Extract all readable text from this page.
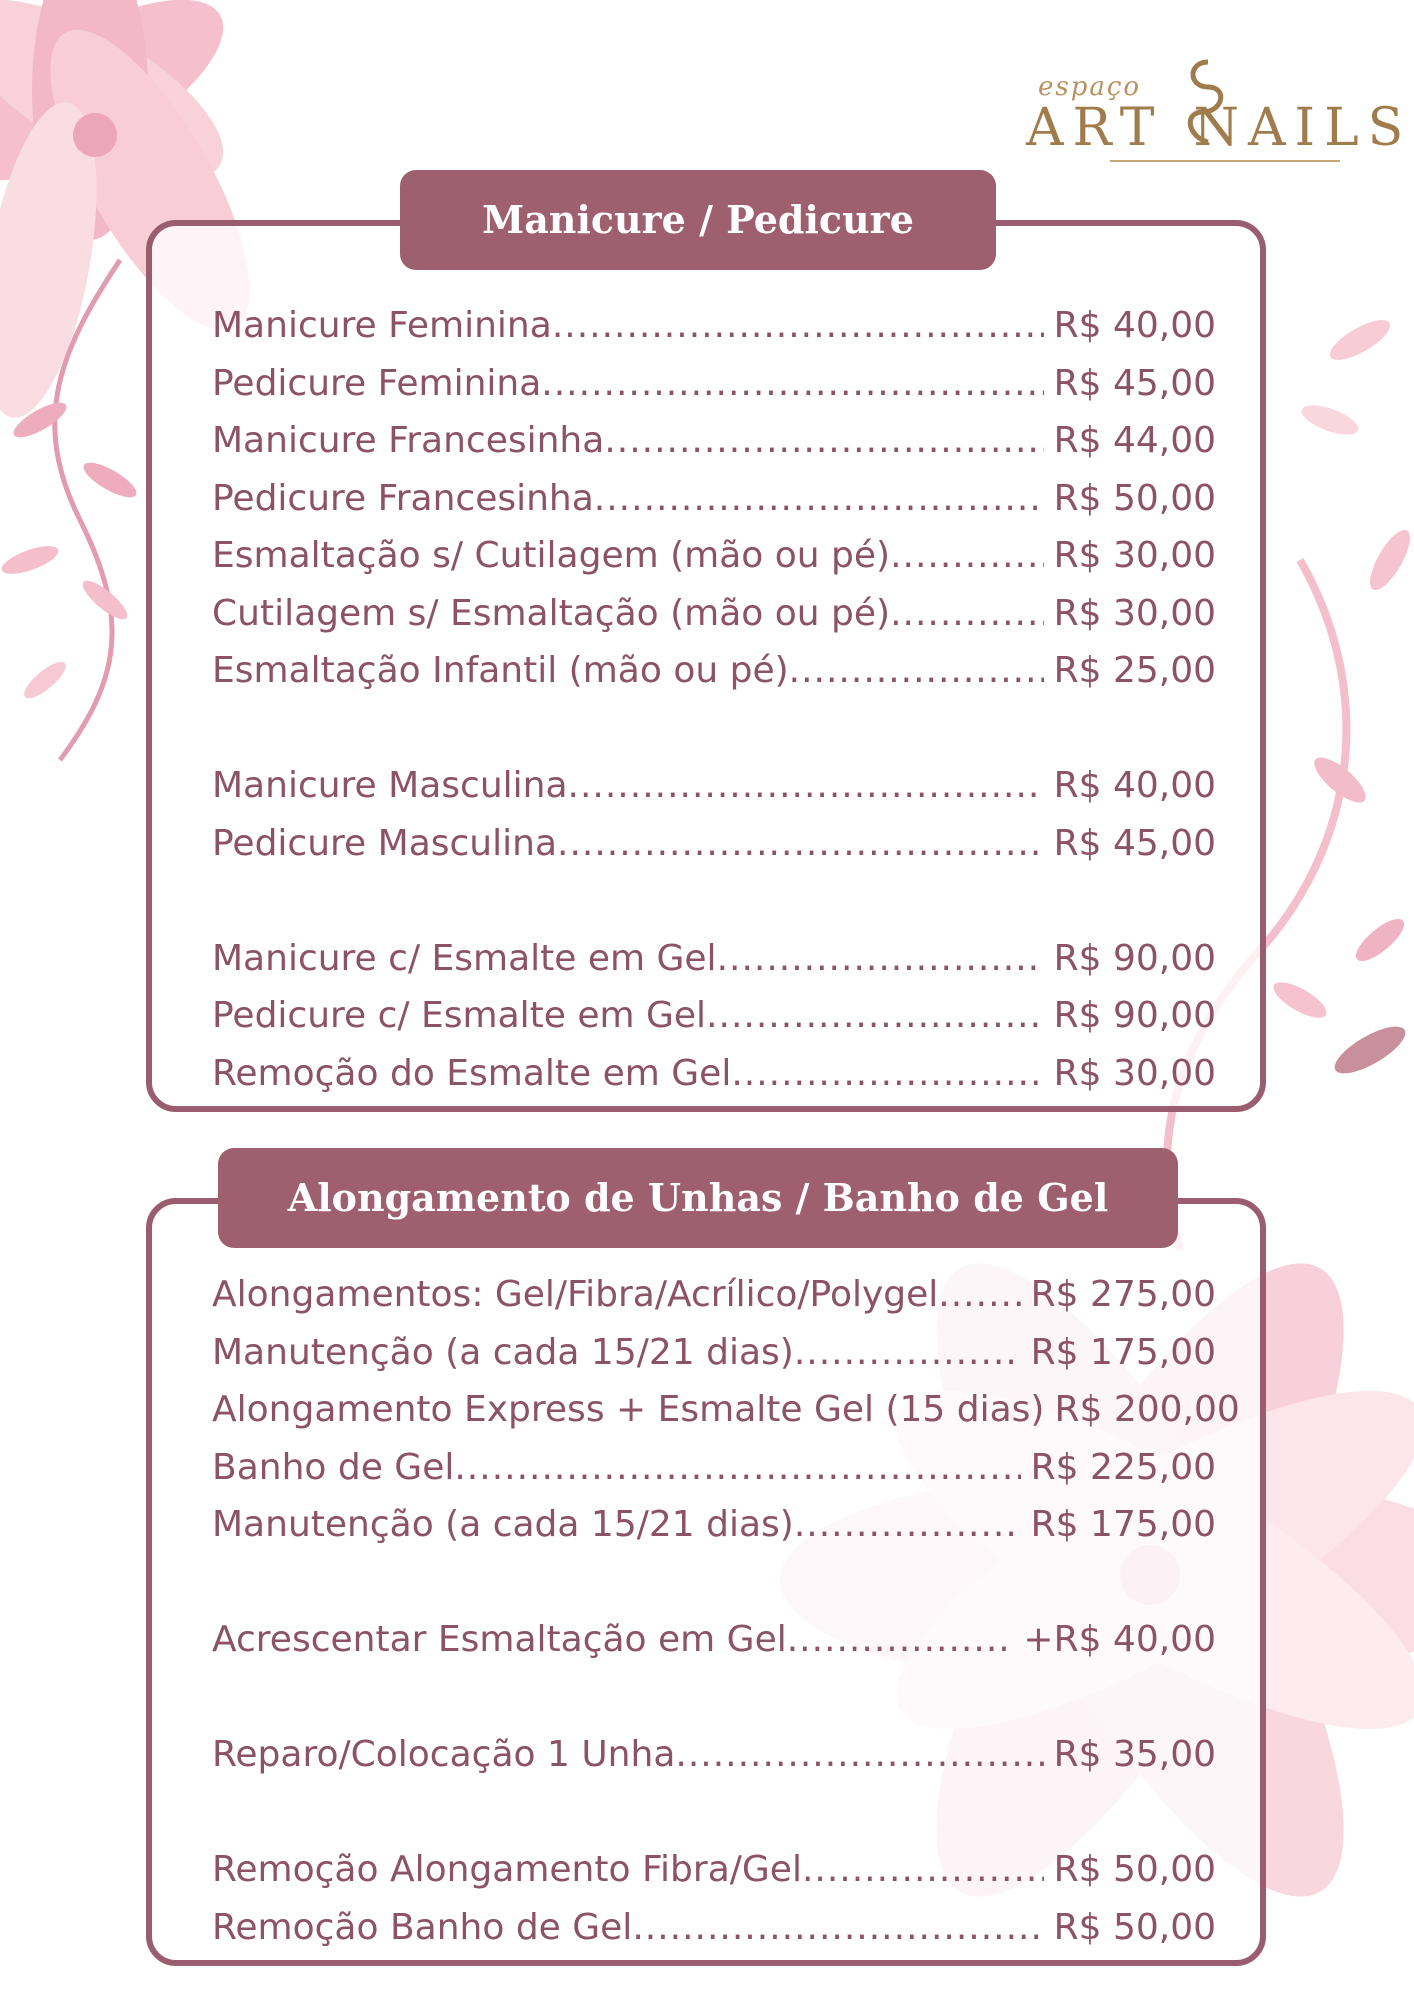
espaço
ART NAILS
Manicure / Pedicure
Manicure Feminina .....	R$ 40,00
Pedicure Feminina .....	R$ 45,00
Manicure Francesinha .....	R$ 44,00
Pedicure Francesinha .....	R$ 50,00
Esmaltação s/ Cutilagem (mão ou pé) .....	R$ 30,00
Cutilagem s/ Esmaltação (mão ou pé) .....	R$ 30,00
Esmaltação Infantil (mão ou pé) .....	R$ 25,00
Manicure Masculina .....	R$ 40,00
Pedicure Masculina .....	R$ 45,00
Manicure c/ Esmalte em Gel .....	R$ 90,00
Pedicure c/ Esmalte em Gel .....	R$ 90,00
Remoção do Esmalte em Gel .....	R$ 30,00
Alongamento de Unhas / Banho de Gel
Alongamentos: Gel/Fibra/Acrílico/Polygel .....	R$ 275,00
Manutenção (a cada 15/21 dias) .....	R$ 175,00
Alongamento Express + Esmalte Gel (15 dias) R$ 200,00
Banho de Gel .....	R$ 225,00
Manutenção (a cada 15/21 dias) .....	R$ 175,00
Acrescentar Esmaltação em Gel .....	+R$ 40,00
Reparo/Colocação 1 Unha .....	R$ 35,00
Remoção Alongamento Fibra/Gel .....	R$ 50,00
Remoção Banho de Gel .....	R$ 50,00
